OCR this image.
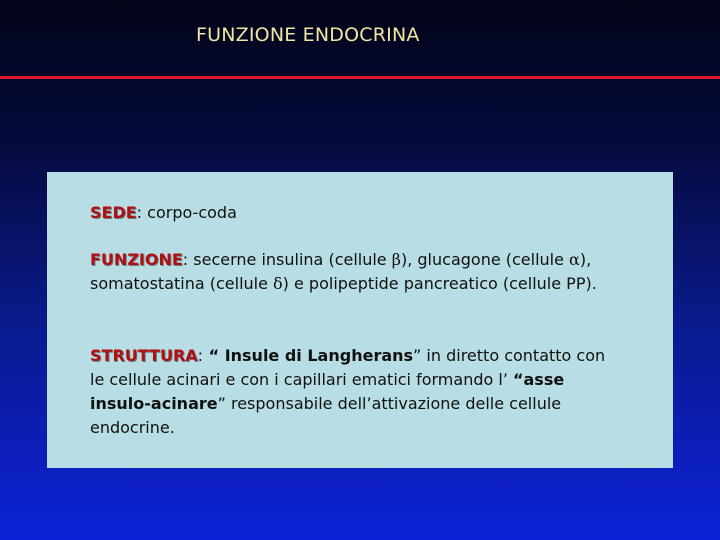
FUNZIONE ENDOCRINA
SEDE: corpo-coda
FUNZIONE: secerne insulina (cellule β), glucagone (cellule α),
somatostatina (cellule δ) e polipeptide pancreatico (cellule PP).
STRUTTURA: “ Insule di Langherans” in diretto contatto con
le cellule acinari e con i capillari ematici formando l’ “asse
insulo-acinare” responsabile dell’attivazione delle cellule
endocrine.
